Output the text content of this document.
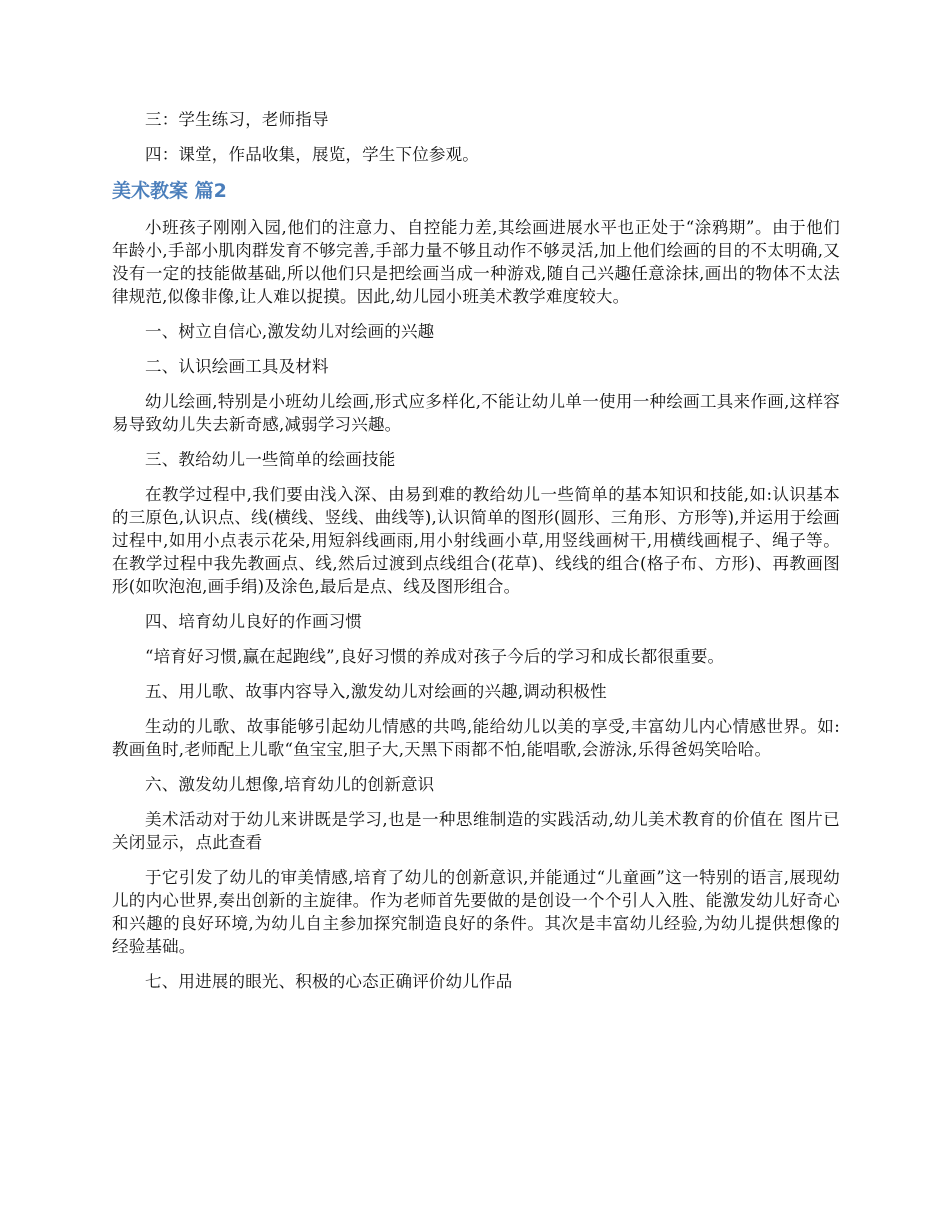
三：学生练习，老师指导

四：课堂，作品收集，展览，学生下位参观。

美术教案 篇2

小班孩子刚刚入园,他们的注意力、自控能力差,其绘画进展水平也正处于“涂鸦期”。由于他们年龄小,手部小肌肉群发育不够完善,手部力量不够且动作不够灵活,加上他们绘画的目的不太明确,又没有一定的技能做基础,所以他们只是把绘画当成一种游戏,随自己兴趣任意涂抹,画出的物体不太法律规范,似像非像,让人难以捉摸。因此,幼儿园小班美术教学难度较大。

一、树立自信心,激发幼儿对绘画的兴趣

二、认识绘画工具及材料

幼儿绘画,特别是小班幼儿绘画,形式应多样化,不能让幼儿单一使用一种绘画工具来作画,这样容易导致幼儿失去新奇感,减弱学习兴趣。

三、教给幼儿一些简单的绘画技能

在教学过程中,我们要由浅入深、由易到难的教给幼儿一些简单的基本知识和技能,如:认识基本的三原色,认识点、线(横线、竖线、曲线等),认识简单的图形(圆形、三角形、方形等),并运用于绘画过程中,如用小点表示花朵,用短斜线画雨,用小射线画小草,用竖线画树干,用横线画棍子、绳子等。在教学过程中我先教画点、线,然后过渡到点线组合(花草)、线线的组合(格子布、方形)、再教画图形(如吹泡泡,画手绢)及涂色,最后是点、线及图形组合。

四、培育幼儿良好的作画习惯

“培育好习惯,赢在起跑线”,良好习惯的养成对孩子今后的学习和成长都很重要。

五、用儿歌、故事内容导入,激发幼儿对绘画的兴趣,调动积极性

生动的儿歌、故事能够引起幼儿情感的共鸣,能给幼儿以美的享受,丰富幼儿内心情感世界。如:教画鱼时,老师配上儿歌“鱼宝宝,胆子大,天黑下雨都不怕,能唱歌,会游泳,乐得爸妈笑哈哈。

六、激发幼儿想像,培育幼儿的创新意识

美术活动对于幼儿来讲既是学习,也是一种思维制造的实践活动,幼儿美术教育的价值在 图片已关闭显示，点此查看

于它引发了幼儿的审美情感,培育了幼儿的创新意识,并能通过“儿童画”这一特别的语言,展现幼儿的内心世界,奏出创新的主旋律。作为老师首先要做的是创设一个个引人入胜、能激发幼儿好奇心和兴趣的良好环境,为幼儿自主参加探究制造良好的条件。其次是丰富幼儿经验,为幼儿提供想像的经验基础。

七、用进展的眼光、积极的心态正确评价幼儿作品
